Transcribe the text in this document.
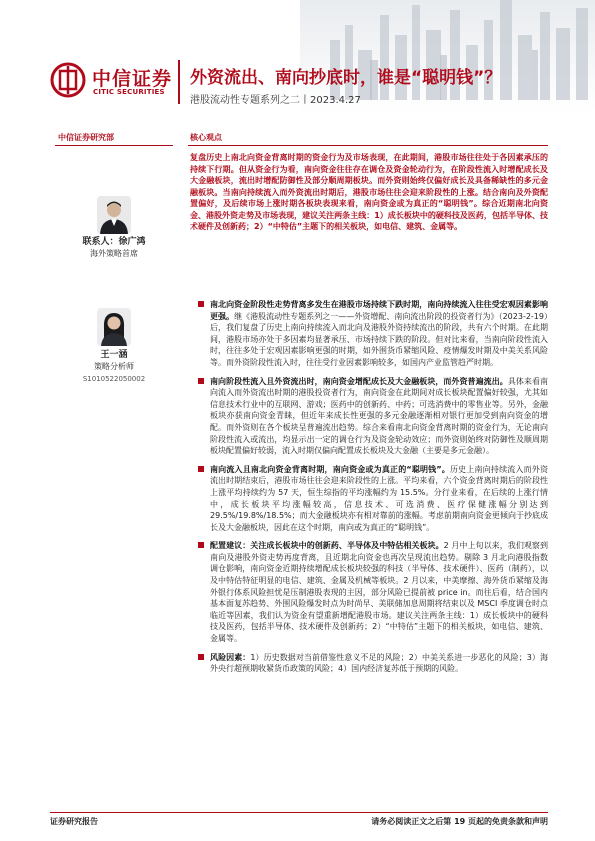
中信证券
CITIC SECURITIES
外资流出、南向抄底时，谁是“聪明钱”？
港股流动性专题系列之二丨2023.4.27
中信证券研究部
联系人：徐广鸿
海外策略首席
王一涵
策略分析师
S1010522050002
核心观点
复盘历史上南北向资金背离时期的资金行为及市场表现，在此期间，港股市场往往处于各因素承压的持续下行期。但从资金行为看，南向资金往往存在调仓及资金轮动行为，在阶段性流入时增配成长及大金融板块，流出时增配防御性及部分顺周期板块。而外资则始终仅偏好成长及具备稀缺性的多元金融板块。当南向持续流入而外资流出时期后，港股市场往往会迎来阶段性的上涨。结合南向及外资配置偏好，及后续市场上涨时期各板块表现来看，南向资金或为真正的“聪明钱”。综合近期南北向资金、港股外资走势及市场表现，建议关注两条主线：1）成长板块中的硬科技及医药，包括半导体、技术硬件及创新药；2）“中特估”主题下的相关板块，如电信、建筑、金属等。
南北向资金阶段性走势背离多发生在港股市场持续下跌时期，南向持续流入往往受宏观因素影响更强。继《港股流动性专题系列之一——外资增配、南向流出阶段的投资者行为》（2023-2-19）后，我们复盘了历史上南向持续流入而北向及港股外资持续流出的阶段，共有六个时期。在此期间，港股市场亦处于多因素均显著承压、市场持续下跌的阶段。但对比来看，当南向阶段性流入时，往往多处于宏观因素影响更强的时期，如外围货币紧缩风险、疫情爆发时期及中美关系风险等。而外资阶段性流入时，往往受行业因素影响较多，如国内产业监管趋严时期。
南向阶段性流入且外资流出时，南向资金增配成长及大金融板块，而外资普遍流出。具体来看南向流入而外资流出时期的港股投资者行为，南向资金在此期间对成长板块配置偏好较强，尤其如信息技术行业中的互联网、游戏；医药中的创新药、中药；可选消费中的零售业等。另外，金融板块亦获南向资金青睐，但近年来成长性更强的多元金融逐渐相对银行更加受到南向资金的增配。而外资则在各个板块呈普遍流出趋势。综合来看南北向资金背离时期的资金行为，无论南向阶段性流入或流出，均显示出一定的调仓行为及资金轮动效应；而外资则始终对防御性及顺周期板块配置偏好较弱，流入时期仅偏向配置成长板块及大金融（主要是多元金融）。
南向流入且南北向资金背离时期，南向资金或为真正的“聪明钱”。历史上南向持续流入而外资流出时期结束后，港股市场往往会迎来阶段性的上涨。平均来看，六个资金背离时期后的阶段性上涨平均持续约为 57 天，恒生综指的平均涨幅约为 15.5%。分行业来看，在后续的上涨行情中，成长板块平均涨幅较高，信息技术、可选消费、医疗保健涨幅分别达到 29.5%/19.8%/18.5%；而大金融板块亦有相对靠前的涨幅。考虑前期南向资金更倾向于抄底成长及大金融板块，因此在这个时期，南向或为真正的“聪明钱”。
配置建议：关注成长板块中的创新药、半导体及中特估相关板块。2 月中上旬以来，我们观察到南向及港股外资走势再度背离，且近期北向资金也再次呈现流出趋势。剔除 3 月北向港股指数调仓影响，南向资金近期持续增配成长板块较强的科技（半导体、技术硬件）、医药（制药），以及中特估特征明显的电信、建筑、金属及机械等板块。2 月以来，中美摩擦、海外货币紧缩及海外银行体系风险担忧是压制港股表现的主因，部分风险已提前被 price in。而往后看，结合国内基本面复苏趋势、外围风险爆发时点为时尚早、美联储加息周期将结束以及 MSCI 季度调仓时点临近等因素，我们认为资金有望重新增配港股市场。建议关注两条主线：1）成长板块中的硬科技及医药，包括半导体、技术硬件及创新药；2）“中特估”主题下的相关板块，如电信、建筑、金属等。
风险因素：1）历史数据对当前借鉴性意义不足的风险；2）中美关系进一步恶化的风险；3）海外央行超预期收紧货币政策的风险；4）国内经济复苏低于预期的风险。
证券研究报告	请务必阅读正文之后第 19 页起的免责条款和声明
